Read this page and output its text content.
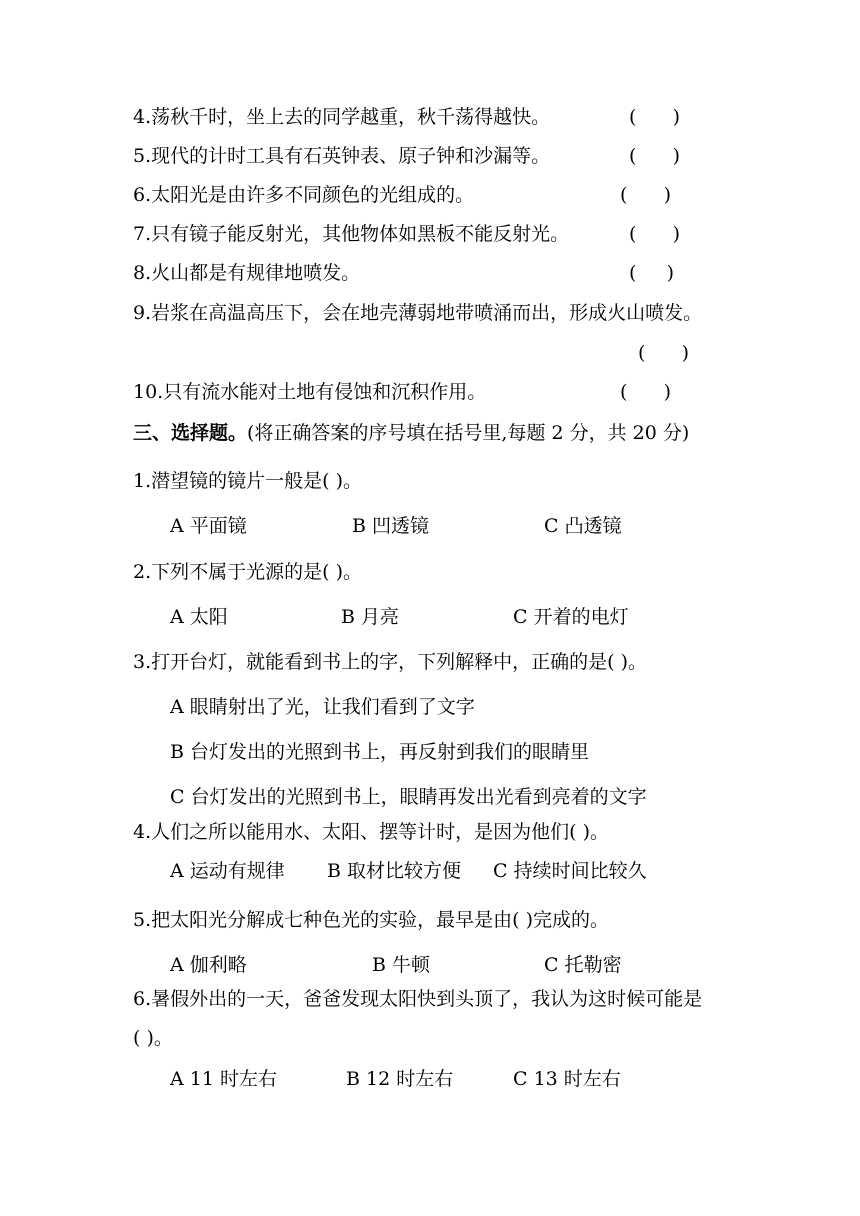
4.荡秋千时，坐上去的同学越重，秋千荡得越快。	(      )
5.现代的计时工具有石英钟表、原子钟和沙漏等。	(      )
6.太阳光是由许多不同颜色的光组成的。	(      )
7.只有镜子能反射光，其他物体如黑板不能反射光。	(      )
8.火山都是有规律地喷发。	(     )
9.岩浆在高温高压下，会在地壳薄弱地带喷涌而出，形成火山喷发。
(      )
10.只有流水能对土地有侵蚀和沉积作用。	(      )
三、选择题。(将正确答案的序号填在括号里,每题 2 分，共 20 分)
1.潜望镜的镜片一般是( )。
A 平面镜	B 凹透镜	C 凸透镜
2.下列不属于光源的是( )。
A 太阳	B 月亮	C 开着的电灯
3.打开台灯，就能看到书上的字，下列解释中，正确的是( )。
A 眼睛射出了光，让我们看到了文字
B 台灯发出的光照到书上，再反射到我们的眼睛里
C 台灯发出的光照到书上，眼睛再发出光看到亮着的文字
4.人们之所以能用水、太阳、摆等计时，是因为他们( )。
A 运动有规律 B 取材比较方便 C 持续时间比较久
5.把太阳光分解成七种色光的实验，最早是由( )完成的。
A 伽利略	B 牛顿	C 托勒密
6.暑假外出的一天，爸爸发现太阳快到头顶了，我认为这时候可能是
( )。
A 11 时左右	B 12 时左右	C 13 时左右
